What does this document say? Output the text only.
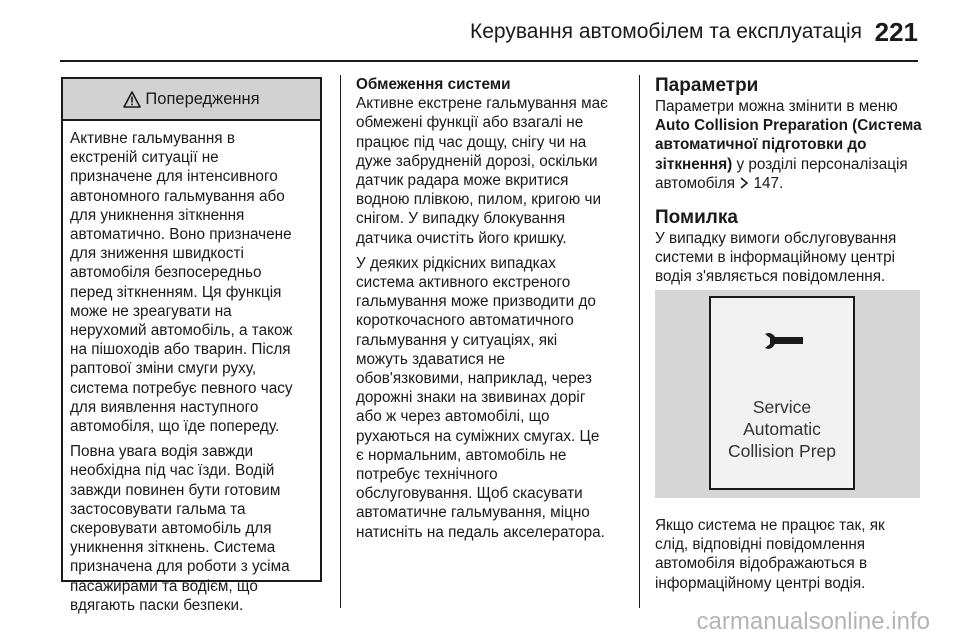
Керування автомобілем та експлуатація 221
Попередження

Активне гальмування в
екстреній ситуації не
призначене для інтенсивного
автономного гальмування або
для уникнення зіткнення
автоматично. Воно призначене
для зниження швидкості
автомобіля безпосередньо
перед зіткненням. Ця функція
може не зреагувати на
нерухомий автомобіль, а також
на пішоходів або тварин. Після
раптової зміни смуги руху,
система потребує певного часу
для виявлення наступного
автомобіля, що їде попереду.

Повна увага водія завжди
необхідна під час їзди. Водій
завжди повинен бути готовим
застосовувати гальма та
скеровувати автомобіль для
уникнення зіткнень. Система
призначена для роботи з усіма
пасажирами та водієм, що
вдягають паски безпеки.

Обмеження системи

Активне екстрене гальмування має
обмежені функції або взагалі не
працює під час дощу, снігу чи на
дуже забрудненій дорозі, оскільки
датчик радара може вкритися
водною плівкою, пилом, кригою чи
снігом. У випадку блокування
датчика очистіть його кришку.

У деяких рідкісних випадках
система активного екстреного
гальмування може призводити до
короткочасного автоматичного
гальмування у ситуаціях, які
можуть здаватися не
обов'язковими, наприклад, через
дорожні знаки на звивинах доріг
або ж через автомобілі, що
рухаються на суміжних смугах. Це
є нормальним, автомобіль не
потребує технічного
обслуговування. Щоб скасувати
автоматичне гальмування, міцно
натисніть на педаль акселератора.

Параметри

Параметри можна змінити в меню
Auto Collision Preparation (Система
автоматичної підготовки до
зіткнення) у розділі персоналізація
автомобіля  147.

Помилка

У випадку вимоги обслуговування
системи в інформаційному центрі
водія з'являється повідомлення.

Service
Automatic
Collision Prep
Якщо система не працює так, як
слід, відповідні повідомлення
автомобіля відображаються в
інформаційному центрі водія.
carmanualsonline.info
